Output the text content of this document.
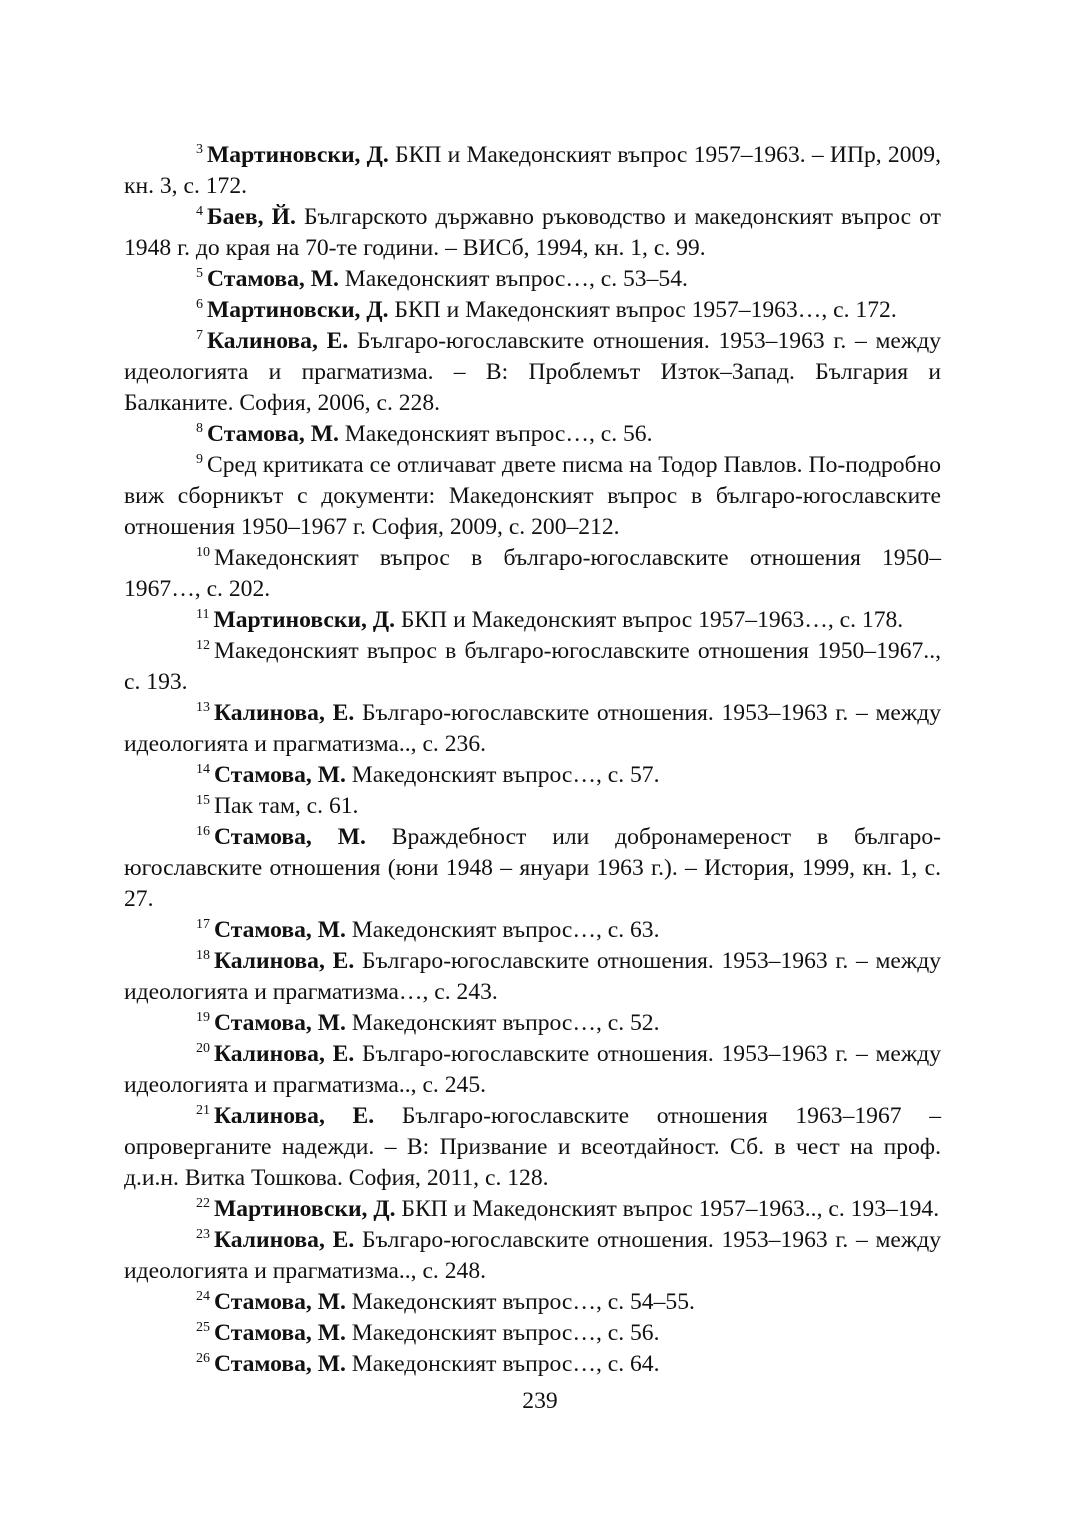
$^3$ Мартиновски, Д. БКП и Македонският въпрос 1957–1963. – ИПр, 2009, кн. 3, с. 172.

$^4$ Баев, Й. Българското държавно ръководство и македонският въпрос от 1948 г. до края на 70-те години. – ВИСб, 1994, кн. 1, с. 99.

$^5$ Стамова, М. Македонският въпрос…, с. 53–54.

$^6$ Мартиновски, Д. БКП и Македонският въпрос 1957–1963…, с. 172.

$^7$ Калинова, Е. Българо-югославските отношения. 1953–1963 г. – между идеологията и прагматизма. – В: Проблемът Изток–Запад. България и Балканите. София, 2006, с. 228.

$^8$ Стамова, М. Македонският въпрос…, с. 56.

$^9$ Сред критиката се отличават двете писма на Тодор Павлов. По-подробно виж сборникът с документи: Македонският въпрос в българо-югославските отношения 1950–1967 г. София, 2009, с. 200–212.

$^{10}$ Македонският въпрос в българо-югославските отношения 1950–1967…, с. 202.

$^{11}$ Мартиновски, Д. БКП и Македонският въпрос 1957–1963…, с. 178.

$^{12}$ Македонският въпрос в българо-югославските отношения 1950–1967.., с. 193.

$^{13}$ Калинова, Е. Българо-югославските отношения. 1953–1963 г. – между идеологията и прагматизма.., с. 236.

$^{14}$ Стамова, М. Македонският въпрос…, с. 57.

$^{15}$ Пак там, с. 61.

$^{16}$ Стамова, М. Враждебност или добронамереност в българо-югославските отношения (юни 1948 – януари 1963 г.). – История, 1999, кн. 1, с. 27.

$^{17}$ Стамова, М. Македонският въпрос…, с. 63.

$^{18}$ Калинова, Е. Българо-югославските отношения. 1953–1963 г. – между идеологията и прагматизма…, с. 243.

$^{19}$ Стамова, М. Македонският въпрос…, с. 52.

$^{20}$ Калинова, Е. Българо-югославските отношения. 1953–1963 г. – между идеологията и прагматизма.., с. 245.

$^{21}$ Калинова, Е. Българо-югославските отношения 1963–1967 – опроверганите надежди. – В: Призвание и всеотдайност. Сб. в чест на проф. д.и.н. Витка Тошкова. София, 2011, с. 128.

$^{22}$ Мартиновски, Д. БКП и Македонският въпрос 1957–1963.., с. 193–194.

$^{23}$ Калинова, Е. Българо-югославските отношения. 1953–1963 г. – между идеологията и прагматизма.., с. 248.

$^{24}$ Стамова, М. Македонският въпрос…, с. 54–55.

$^{25}$ Стамова, М. Македонският въпрос…, с. 56.

$^{26}$ Стамова, М. Македонският въпрос…, с. 64.

239
